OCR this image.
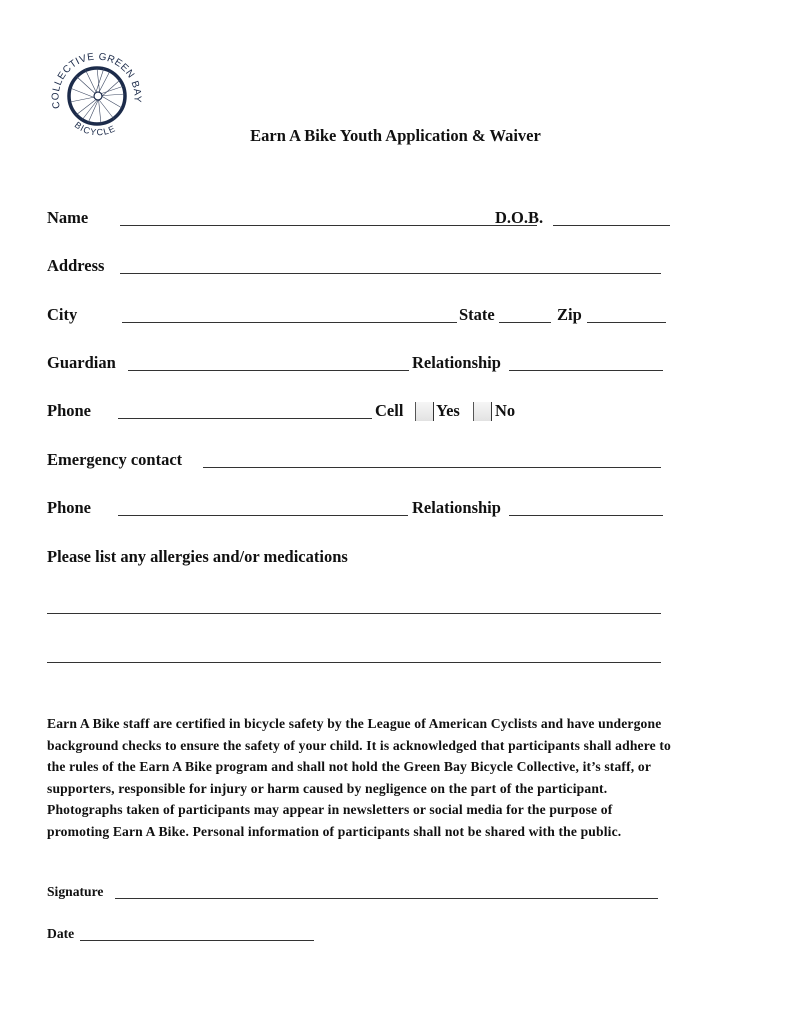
COLLECTIVE GREEN BAY
BICYCLE	Earn A Bike Youth Application & Waiver
Name	D.O.B.
Address
City	State	Zip
Guardian	Relationship
Phone	Cell Yes No
Emergency contact
Phone	Relationship
Please list any allergies and/or medications
Earn A Bike staff are certified in bicycle safety by the League of American Cyclists and have undergone
background checks to ensure the safety of your child. It is acknowledged that participants shall adhere to
the rules of the Earn A Bike program and shall not hold the Green Bay Bicycle Collective, it’s staff, or
supporters, responsible for injury or harm caused by negligence on the part of the participant.
Photographs taken of participants may appear in newsletters or social media for the purpose of
promoting Earn A Bike. Personal information of participants shall not be shared with the public.
Signature
Date
